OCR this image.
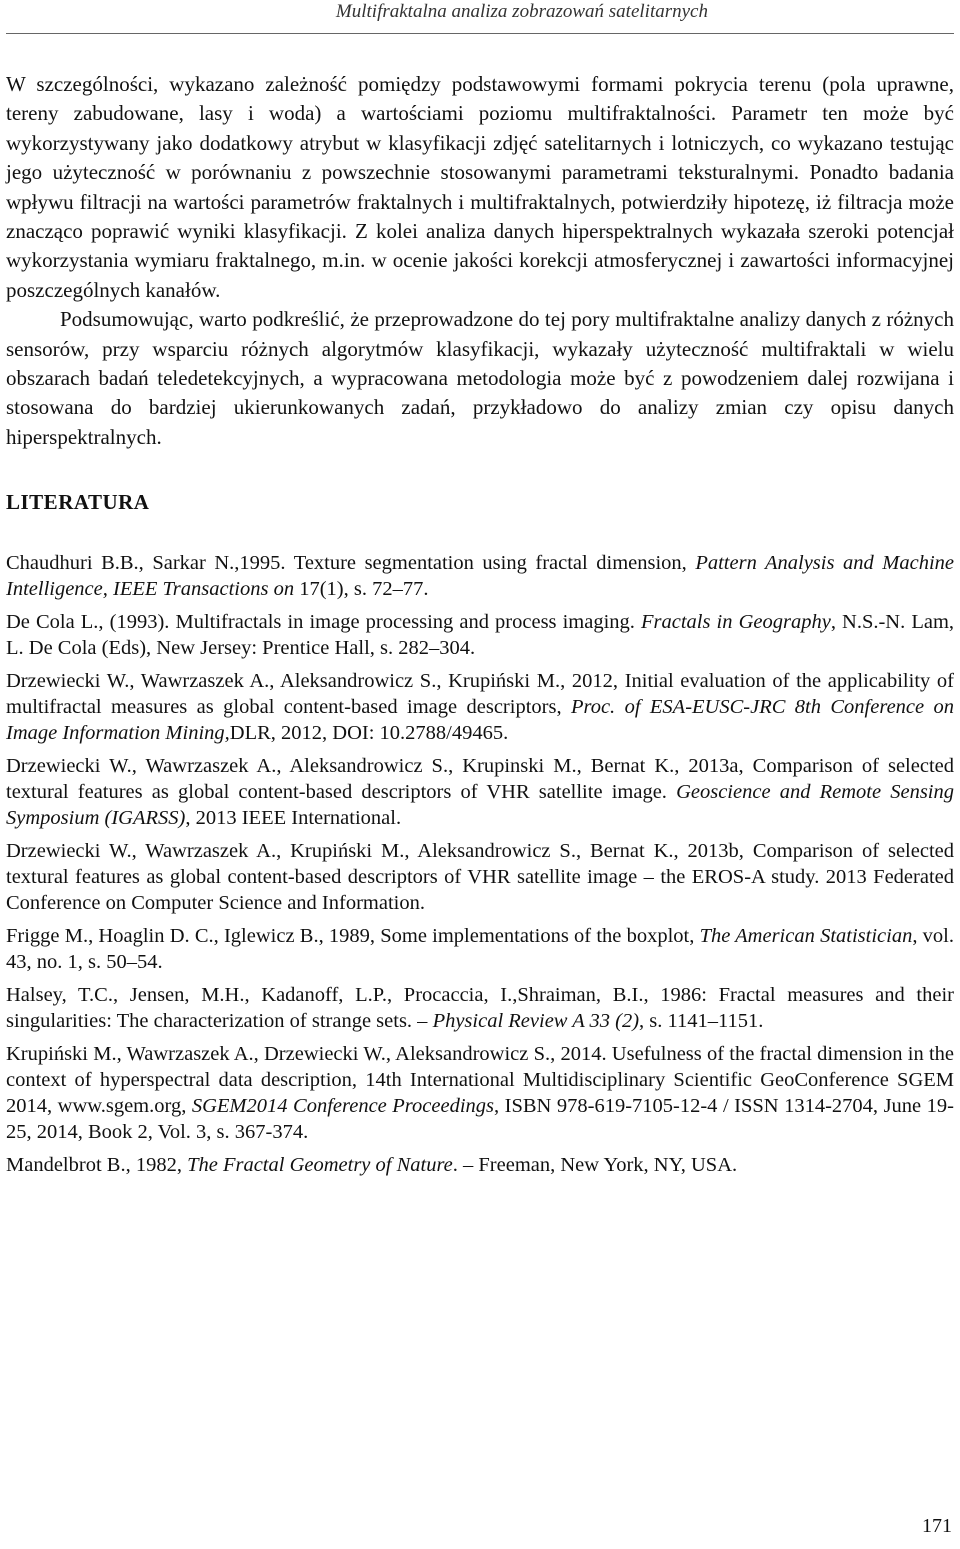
Multifraktalna analiza zobrazowań satelitarnych

W szczególności, wykazano zależność pomiędzy podstawowymi formami pokrycia terenu (pola uprawne, tereny zabudowane, lasy i woda) a wartościami poziomu multifraktalności. Parametr ten może być wykorzystywany jako dodatkowy atrybut w klasyfikacji zdjęć satelitarnych i lotniczych, co wykazano testując jego użyteczność w porównaniu z powszechnie stosowanymi parametrami teksturalnymi. Ponadto badania wpływu filtracji na wartości parametrów fraktalnych i multifraktalnych, potwierdziły hipotezę, iż filtracja może znacząco poprawić wyniki klasyfikacji. Z kolei analiza danych hiperspektralnych wykazała szeroki potencjał wykorzystania wymiaru fraktalnego, m.in. w ocenie jakości korekcji atmosferycznej i zawartości informacyjnej poszczególnych kanałów.

Podsumowując, warto podkreślić, że przeprowadzone do tej pory multifraktalne analizy danych z różnych sensorów, przy wsparciu różnych algorytmów klasyfikacji, wykazały użyteczność multifraktali w wielu obszarach badań teledetekcyjnych, a wypracowana metodologia może być z powodzeniem dalej rozwijana i stosowana do bardziej ukierunkowanych zadań, przykładowo do analizy zmian czy opisu danych hiperspektralnych.

LITERATURA

Chaudhuri B.B., Sarkar N.,1995. Texture segmentation using fractal dimension, Pattern Analysis and Machine Intelligence, IEEE Transactions on 17(1), s. 72–77.

De Cola L., (1993). Multifractals in image processing and process imaging. Fractals in Geography, N.S.-N. Lam, L. De Cola (Eds), New Jersey: Prentice Hall, s. 282–304.

Drzewiecki W., Wawrzaszek A., Aleksandrowicz S., Krupiński M., 2012, Initial evaluation of the applicability of multifractal measures as global content-based image descriptors, Proc. of ESA-EUSC-JRC 8th Conference on Image Information Mining,DLR, 2012, DOI: 10.2788/49465.

Drzewiecki W., Wawrzaszek A., Aleksandrowicz S., Krupinski M., Bernat K., 2013a, Comparison of selected textural features as global content-based descriptors of VHR satellite image. Geoscience and Remote Sensing Symposium (IGARSS), 2013 IEEE International.

Drzewiecki W., Wawrzaszek A., Krupiński M., Aleksandrowicz S., Bernat K., 2013b, Comparison of selected textural features as global content-based descriptors of VHR satellite image – the EROS-A study. 2013 Federated Conference on Computer Science and Information.

Frigge M., Hoaglin D. C., Iglewicz B., 1989, Some implementations of the boxplot, The American Statistician, vol. 43, no. 1, s. 50–54.

Halsey, T.C., Jensen, M.H., Kadanoff, L.P., Procaccia, I.,Shraiman, B.I., 1986: Fractal measures and their singularities: The characterization of strange sets. – Physical Review A 33 (2), s. 1141–1151.

Krupiński M., Wawrzaszek A., Drzewiecki W., Aleksandrowicz S., 2014. Usefulness of the fractal dimension in the context of hyperspectral data description, 14th International Multidisciplinary Scientific GeoConference SGEM 2014, www.sgem.org, SGEM2014 Conference Proceedings, ISBN 978-619-7105-12-4 / ISSN 1314-2704, June 19-25, 2014, Book 2, Vol. 3, s. 367-374.

Mandelbrot B., 1982, The Fractal Geometry of Nature. – Freeman, New York, NY, USA.

171
